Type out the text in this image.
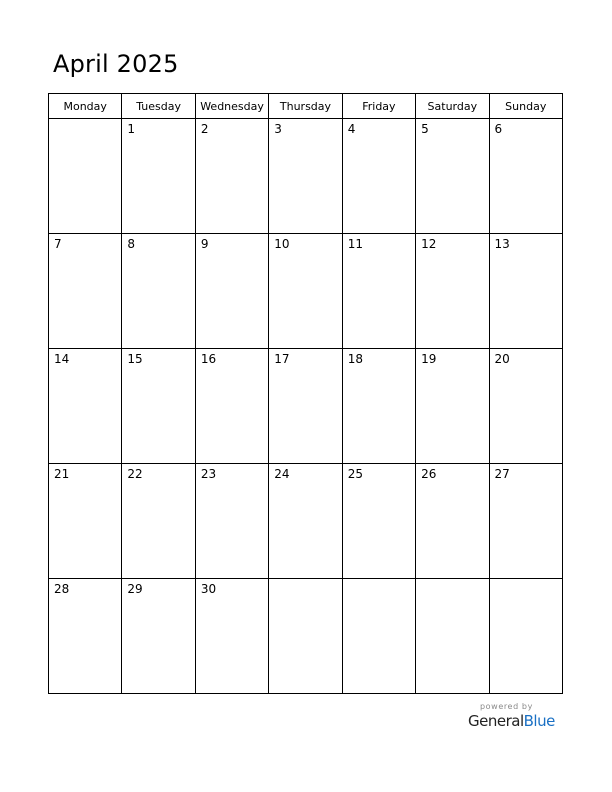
April 2025
Monday	Tuesday	Wednesday	Thursday	Friday	Saturday	Sunday

	1	2	3	4	5	6

7	8	9	10	11	12	13

14	15	16	17	18	19	20

21	22	23	24	25	26	27

28	29	30				

powered by
GeneralBlue
